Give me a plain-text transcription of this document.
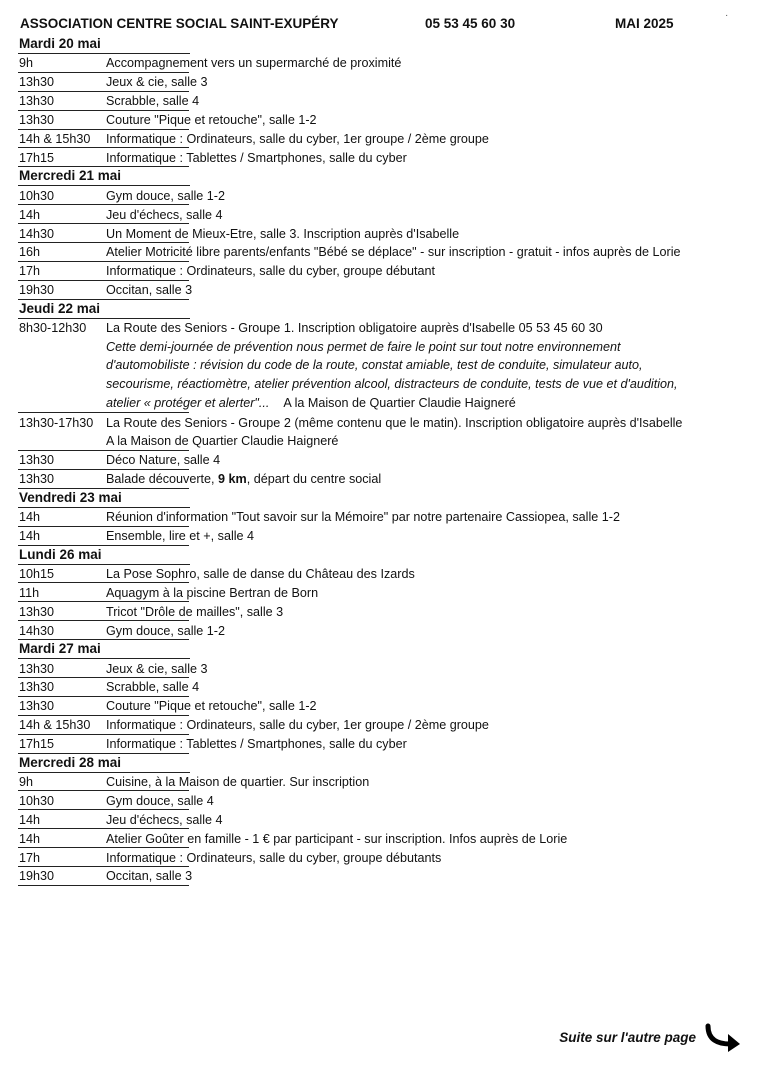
ASSOCIATION CENTRE SOCIAL SAINT-EXUPÉRY	05 53 45 60 30	MAI 2025
·
Mardi 20 mai
9h	Accompagnement vers un supermarché de proximité
13h30	Jeux & cie, salle 3
13h30	Scrabble, salle 4
13h30	Couture "Pique et retouche", salle 1-2
14h & 15h30	Informatique : Ordinateurs, salle du cyber, 1er groupe / 2ème groupe
17h15	Informatique : Tablettes / Smartphones, salle du cyber
Mercredi 21 mai
10h30	Gym douce, salle 1-2
14h	Jeu d'échecs, salle 4
14h30	Un Moment de Mieux-Etre, salle 3. Inscription auprès d'Isabelle
16h	Atelier Motricité libre parents/enfants "Bébé se déplace" - sur inscription - gratuit - infos auprès de Lorie
17h	Informatique : Ordinateurs, salle du cyber, groupe débutant
19h30	Occitan, salle 3
Jeudi 22 mai
8h30-12h30	La Route des Seniors - Groupe 1. Inscription obligatoire auprès d'Isabelle 05 53 45 60 30
Cette demi-journée de prévention nous permet de faire le point sur tout notre environnement
d'automobiliste : révision du code de la route, constat amiable, test de conduite, simulateur auto,
secourisme, réactiomètre, atelier prévention alcool, distracteurs de conduite, tests de vue et d'audition,
atelier « protéger et alerter"... A la Maison de Quartier Claudie Haigneré
13h30-17h30	La Route des Seniors - Groupe 2 (même contenu que le matin). Inscription obligatoire auprès d'Isabelle
A la Maison de Quartier Claudie Haigneré
13h30	Déco Nature, salle 4
13h30	Balade découverte, 9 km, départ du centre social
Vendredi 23 mai
14h	Réunion d'information "Tout savoir sur la Mémoire" par notre partenaire Cassiopea, salle 1-2
14h	Ensemble, lire et +, salle 4
Lundi 26 mai
10h15	La Pose Sophro, salle de danse du Château des Izards
11h	Aquagym à la piscine Bertran de Born
13h30	Tricot "Drôle de mailles", salle 3
14h30	Gym douce, salle 1-2
Mardi 27 mai
13h30	Jeux & cie, salle 3
13h30	Scrabble, salle 4
13h30	Couture "Pique et retouche", salle 1-2
14h & 15h30	Informatique : Ordinateurs, salle du cyber, 1er groupe / 2ème groupe
17h15	Informatique : Tablettes / Smartphones, salle du cyber
Mercredi 28 mai
9h	Cuisine, à la Maison de quartier. Sur inscription
10h30	Gym douce, salle 4
14h	Jeu d'échecs, salle 4
14h	Atelier Goûter en famille - 1 € par participant - sur inscription. Infos auprès de Lorie
17h	Informatique : Ordinateurs, salle du cyber, groupe débutants
19h30	Occitan, salle 3
Suite sur l'autre page
